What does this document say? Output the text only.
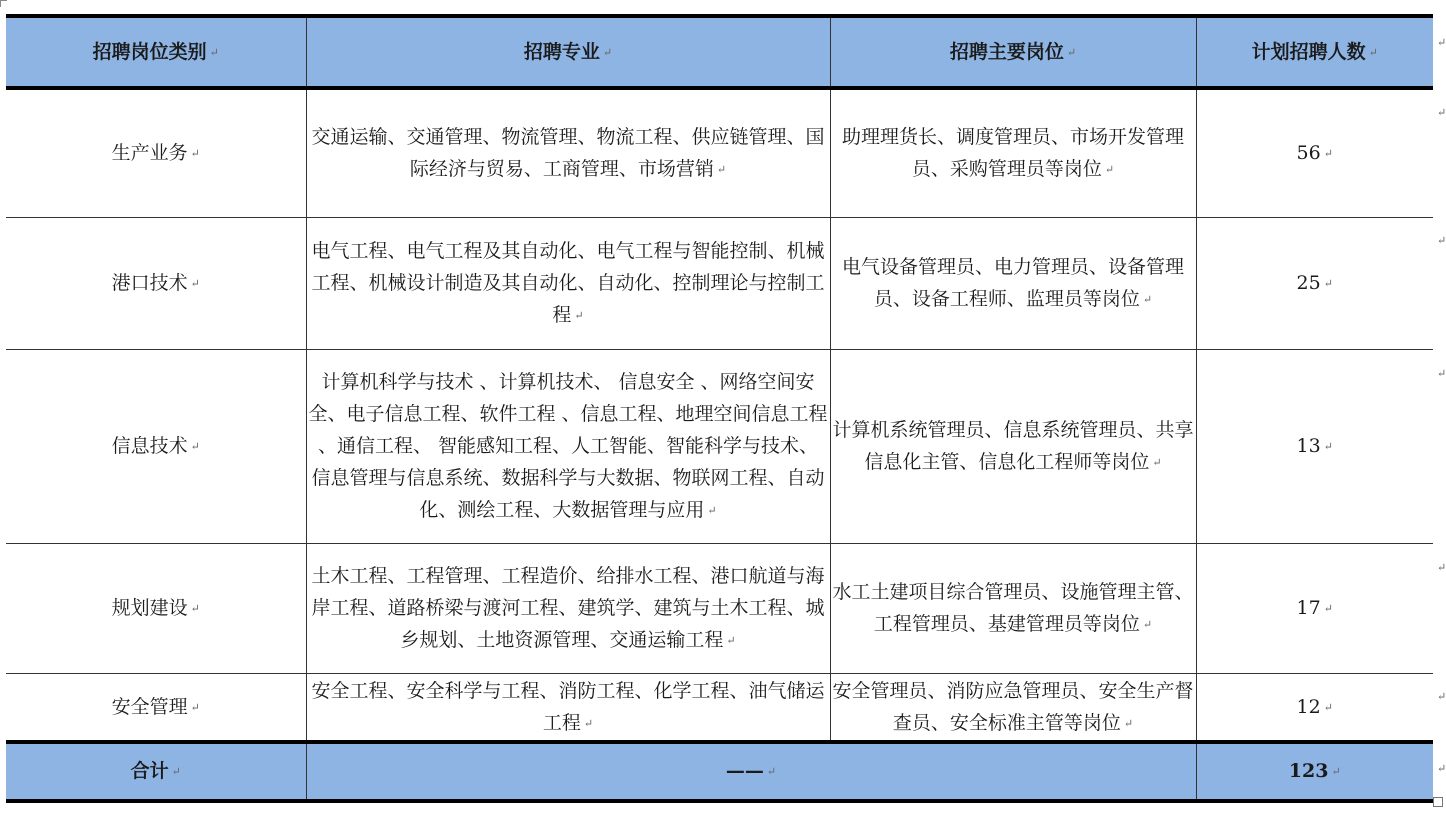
招聘岗位类别 ↵	招聘专业 ↵	招聘主要岗位 ↵	计划招聘人数 ↵
生产业务 ↵	交通运输、交通管理、物流管理、物流工程、供应链管理、国际经济与贸易、工商管理、市场营销 ↵	助理理货长、调度管理员、市场开发管理员、采购管理员等岗位 ↵	56 ↵
港口技术 ↵	电气工程、电气工程及其自动化、电气工程与智能控制、机械工程、机械设计制造及其自动化、自动化、控制理论与控制工程 ↵	电气设备管理员、电力管理员、设备管理员、设备工程师、监理员等岗位 ↵	25 ↵
信息技术 ↵	计算机科学与技术 、计算机技术、 信息安全 、网络空间安全、电子信息工程、软件工程 、信息工程、地理空间信息工程 、通信工程、 智能感知工程、人工智能、智能科学与技术、 信息管理与信息系统、数据科学与大数据、物联网工程、自动化、测绘工程、大数据管理与应用 ↵	计算机系统管理员、信息系统管理员、共享信息化主管、信息化工程师等岗位 ↵	13 ↵
规划建设 ↵	土木工程、工程管理、工程造价、给排水工程、港口航道与海岸工程、道路桥梁与渡河工程、建筑学、建筑与土木工程、城乡规划、土地资源管理、交通运输工程 ↵	水工土建项目综合管理员、设施管理主管、工程管理员、基建管理员等岗位 ↵	17 ↵
安全管理 ↵	安全工程、安全科学与工程、消防工程、化学工程、油气储运工程 ↵	安全管理员、消防应急管理员、安全生产督查员、安全标准主管等岗位 ↵	12 ↵
合计 ↵	—— ↵		123 ↵
↵
↵
↵
↵
↵
↵
↵
